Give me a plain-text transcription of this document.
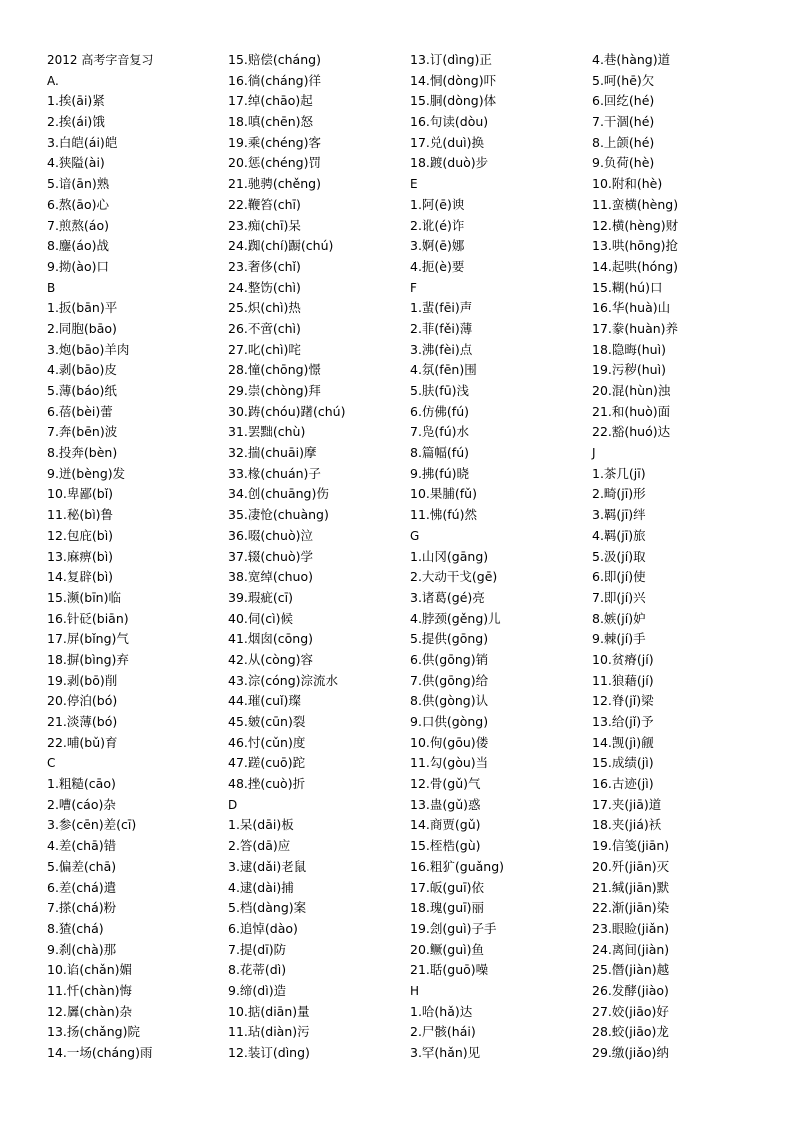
2012 高考字音复习
A.
1.挨(āi)紧
2.挨(ái)饿
3.白皑(ái)皑
4.狭隘(ài)
5.谙(ān)熟
6.熬(āo)心
7.煎熬(áo)
8.鏖(áo)战
9.拗(ào)口
B
1.扳(bān)平
2.同胞(bāo)
3.炮(bāo)羊肉
4.剥(bāo)皮
5.薄(báo)纸
6.蓓(bèi)蕾
7.奔(bēn)波
8.投奔(bèn)
9.迸(bèng)发
10.卑鄙(bǐ)
11.秘(bì)鲁
12.包庇(bì)
13.麻痹(bì)
14.复辟(bì)
15.濒(bīn)临
16.针砭(biān)
17.屏(bǐng)气
18.摒(bìng)弃
19.剥(bō)削
20.停泊(bó)
21.淡薄(bó)
22.哺(bǔ)育
C
1.粗糙(cāo)
2.嘈(cáo)杂
3.参(cēn)差(cī)
4.差(chā)错
5.偏差(chā)
6.差(chá)遣
7.搽(chá)粉
8.猹(chá)
9.刹(chà)那
10.谄(chǎn)媚
11.忏(chàn)悔
12.羼(chàn)杂
13.扬(chǎng)院
14.一场(cháng)雨
15.赔偿(cháng)
16.徜(cháng)徉
17.绰(chāo)起
18.嗔(chēn)怒
19.乘(chéng)客
20.惩(chéng)罚
21.驰骋(chěng)
22.鞭笞(chī)
23.痴(chī)呆
24.踟(chí)蹰(chú)
23.奢侈(chǐ)
24.整饬(chì)
25.炽(chì)热
26.不啻(chì)
27.叱(chì)咤
28.憧(chōng)憬
29.崇(chòng)拜
30.踌(chóu)躇(chú)
31.罢黜(chù)
32.揣(chuāi)摩
33.椽(chuán)子
34.创(chuāng)伤
35.凄怆(chuàng)
36.啜(chuò)泣
37.辍(chuò)学
38.宽绰(chuo)
39.瑕疵(cī)
40.伺(cì)候
41.烟囱(cōng)
42.从(còng)容
43.淙(cóng)淙流水
44.璀(cuǐ)璨
45.皴(cūn)裂
46.忖(cǔn)度
47.蹉(cuō)跎
48.挫(cuò)折
D
1.呆(dāi)板
2.答(dā)应
3.逮(dǎi)老鼠
4.逮(dài)捕
5.档(dàng)案
6.追悼(dào)
7.提(dī)防
8.花蒂(dì)
9.缔(dì)造
10.掂(diān)量
11.玷(diàn)污
12.装订(dìng)
13.订(dìng)正
14.恫(dòng)吓
15.胴(dòng)体
16.句读(dòu)
17.兑(duì)换
18.踱(duò)步
E
1.阿(ē)谀
2.讹(é)诈
3.婀(ē)娜
4.扼(è)要
F
1.蜚(fēi)声
2.菲(fěi)薄
3.沸(fèi)点
4.氛(fēn)围
5.肤(fū)浅
6.仿佛(fú)
7.凫(fú)水
8.篇幅(fú)
9.拂(fú)晓
10.果脯(fǔ)
11.怫(fú)然
G
1.山冈(gāng)
2.大动干戈(gē)
3.诸葛(gé)亮
4.脖颈(gěng)儿
5.提供(gōng)
6.供(gōng)销
7.供(gōng)给
8.供(gòng)认
9.口供(gòng)
10.佝(gōu)偻
11.勾(gòu)当
12.骨(gǔ)气
13.蛊(gǔ)惑
14.商贾(gǔ)
15.桎梏(gù)
16.粗犷(guǎng)
17.皈(guī)依
18.瑰(guī)丽
19.刽(guì)子手
20.鳜(guì)鱼
21.聒(guō)噪
H
1.哈(hǎ)达
2.尸骸(hái)
3.罕(hǎn)见
4.巷(hàng)道
5.呵(hē)欠
6.回纥(hé)
7.干涸(hé)
8.上颌(hé)
9.负荷(hè)
10.附和(hè)
11.蛮横(hèng)
12.横(hèng)财
13.哄(hōng)抢
14.起哄(hóng)
15.糊(hú)口
16.华(huà)山
17.豢(huàn)养
18.隐晦(huì)
19.污秽(huì)
20.混(hùn)浊
21.和(huò)面
22.豁(huó)达
J
1.茶几(jī)
2.畸(jī)形
3.羁(jī)绊
4.羁(jī)旅
5.汲(jí)取
6.即(jí)使
7.即(jí)兴
8.嫉(jí)妒
9.棘(jí)手
10.贫瘠(jí)
11.狼藉(jí)
12.脊(jǐ)梁
13.给(jǐ)予
14.觊(jì)觎
15.成绩(jì)
16.古迹(jì)
17.夹(jiā)道
18.夹(jiá)袄
19.信笺(jiān)
20.歼(jiān)灭
21.缄(jiān)默
22.渐(jiān)染
23.眼睑(jiǎn)
24.离间(jiàn)
25.僭(jiàn)越
26.发酵(jiào)
27.姣(jiāo)好
28.蛟(jiāo)龙
29.缴(jiǎo)纳
